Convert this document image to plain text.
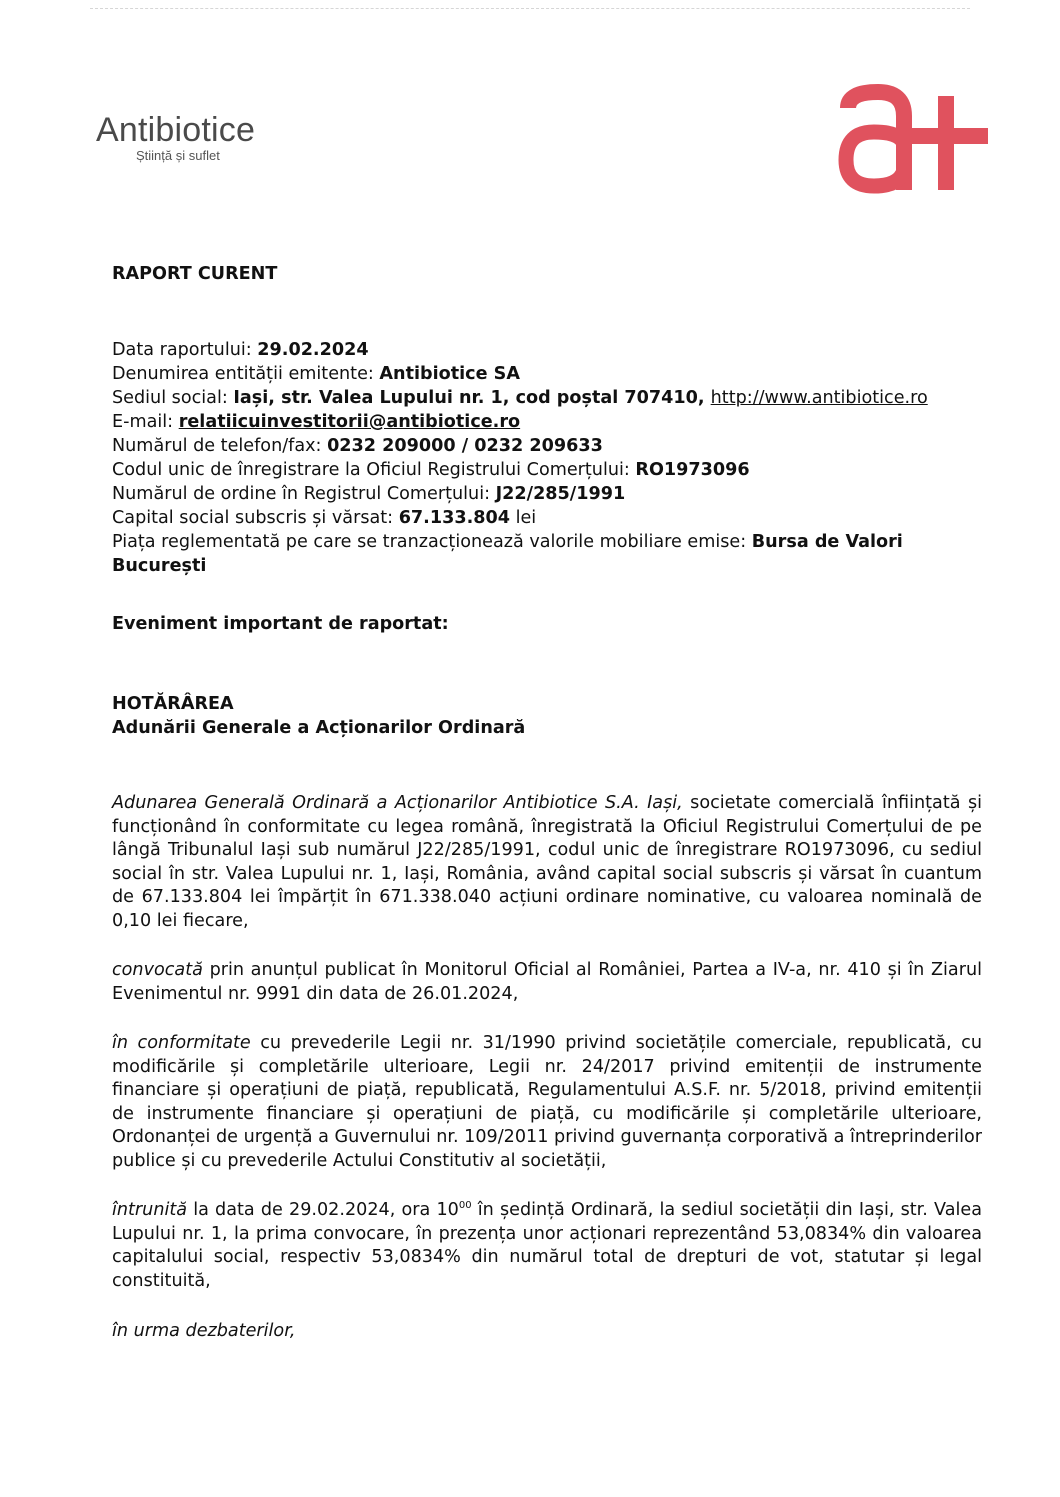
Antibiotice
Știință și suflet

RAPORT CURENT

Data raportului: 29.02.2024

Denumirea entității emitente: Antibiotice SA

Sediul social: Iași, str. Valea Lupului nr. 1, cod poștal 707410, http://www.antibiotice.ro

E-mail: relatiicuinvestitorii@antibiotice.ro

Numărul de telefon/fax: 0232 209000 / 0232 209633

Codul unic de înregistrare la Oficiul Registrului Comerțului: RO1973096

Numărul de ordine în Registrul Comerțului: J22/285/1991

Capital social subscris și vărsat: 67.133.804 lei

Piața reglementată pe care se tranzacționează valorile mobiliare emise: Bursa de Valori București

Eveniment important de raportat:

HOTĂRÂREA

Adunării Generale a Acționarilor Ordinară

Adunarea Generală Ordinară a Acționarilor Antibiotice S.A. Iași, societate comercială înființată și funcționând în conformitate cu legea română, înregistrată la Oficiul Registrului Comerțului de pe lângă Tribunalul Iași sub numărul J22/285/1991, codul unic de înregistrare RO1973096, cu sediul social în str. Valea Lupului nr. 1, Iași, România, având capital social subscris și vărsat în cuantum de 67.133.804 lei împărțit în 671.338.040 acțiuni ordinare nominative, cu valoarea nominală de 0,10 lei fiecare,

convocată prin anunțul publicat în Monitorul Oficial al României, Partea a IV-a, nr. 410 și în Ziarul Evenimentul nr. 9991 din data de 26.01.2024,

în conformitate cu prevederile Legii nr. 31/1990 privind societățile comerciale, republicată, cu modificările și completările ulterioare, Legii nr. 24/2017 privind emitenții de instrumente financiare și operațiuni de piață, republicată, Regulamentului A.S.F. nr. 5/2018, privind emitenții de instrumente financiare și operațiuni de piață, cu modificările și completările ulterioare, Ordonanței de urgență a Guvernului nr. 109/2011 privind guvernanța corporativă a întreprinderilor publice și cu prevederile Actului Constitutiv al societății,

întrunită la data de 29.02.2024, ora $10^{00}$ în ședință Ordinară, la sediul societății din Iași, str. Valea Lupului nr. 1, la prima convocare, în prezența unor acționari reprezentând 53,0834% din valoarea capitalului social, respectiv 53,0834% din numărul total de drepturi de vot, statutar și legal constituită,

în urma dezbaterilor,
